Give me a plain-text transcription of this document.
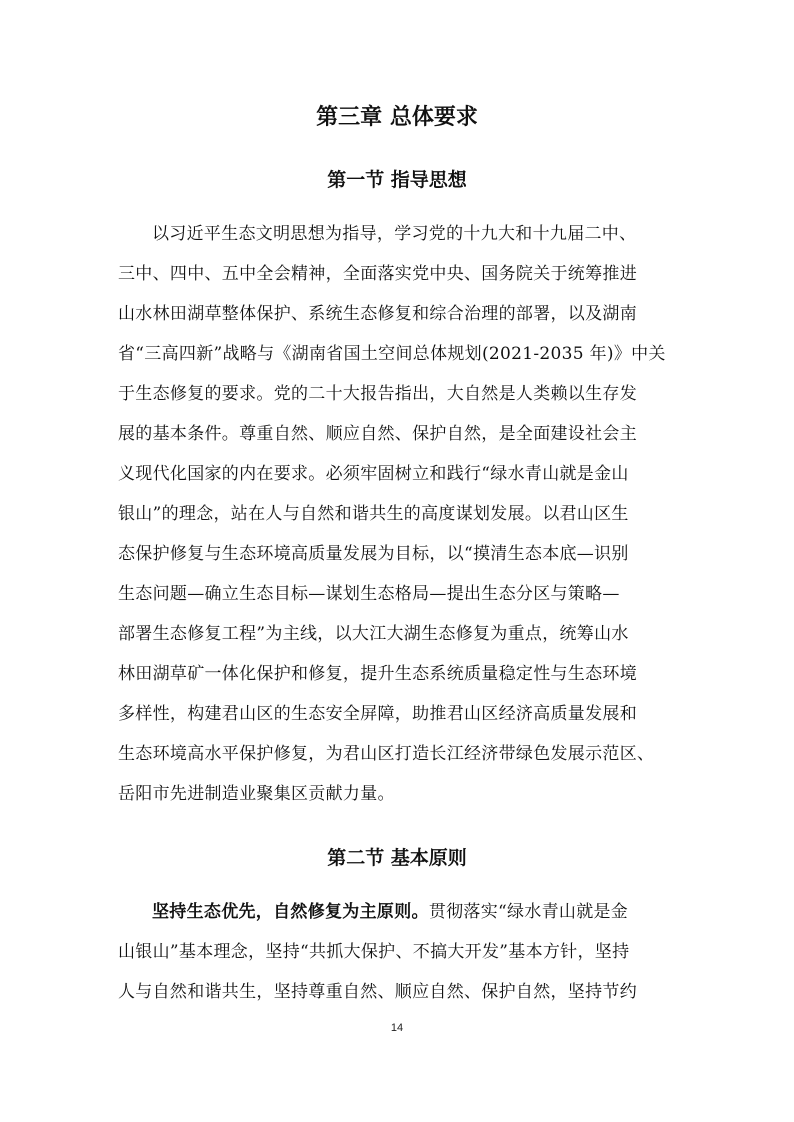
第三章 总体要求
第一节 指导思想

以习近平生态文明思想为指导，学习党的十九大和十九届二中、
三中、四中、五中全会精神，全面落实党中央、国务院关于统筹推进
山水林田湖草整体保护、系统生态修复和综合治理的部署，以及湖南
省“三高四新”战略与《湖南省国土空间总体规划(2021-2035 年)》中关
于生态修复的要求。党的二十大报告指出，大自然是人类赖以生存发
展的基本条件。尊重自然、顺应自然、保护自然，是全面建设社会主
义现代化国家的内在要求。必须牢固树立和践行“绿水青山就是金山
银山”的理念，站在人与自然和谐共生的高度谋划发展。以君山区生
态保护修复与生态环境高质量发展为目标，以“摸清生态本底—识别
生态问题—确立生态目标—谋划生态格局—提出生态分区与策略—
部署生态修复工程”为主线，以大江大湖生态修复为重点，统筹山水
林田湖草矿一体化保护和修复，提升生态系统质量稳定性与生态环境
多样性，构建君山区的生态安全屏障，助推君山区经济高质量发展和
生态环境高水平保护修复，为君山区打造长江经济带绿色发展示范区、
岳阳市先进制造业聚集区贡献力量。

第二节 基本原则

坚持生态优先，自然修复为主原则。贯彻落实“绿水青山就是金
山银山”基本理念，坚持“共抓大保护、不搞大开发”基本方针，坚持
人与自然和谐共生，坚持尊重自然、顺应自然、保护自然，坚持节约

14
